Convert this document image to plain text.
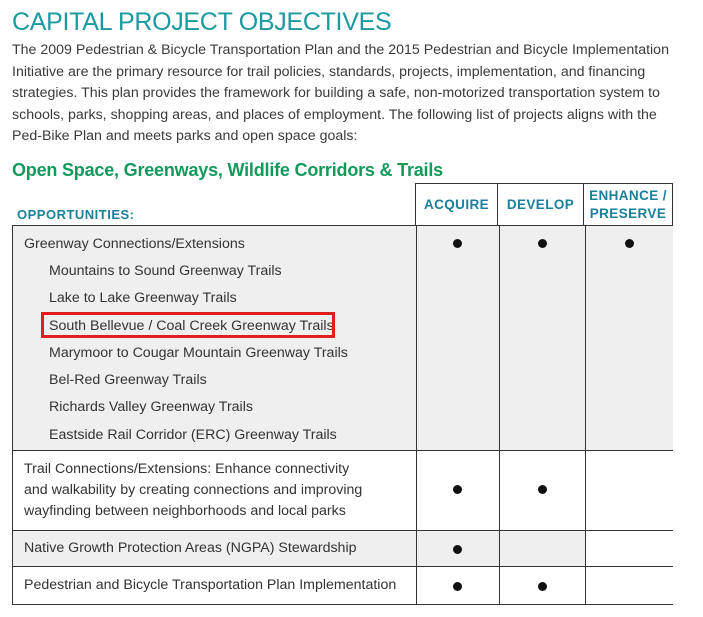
CAPITAL PROJECT OBJECTIVES
The 2009 Pedestrian & Bicycle Transportation Plan and the 2015 Pedestrian and Bicycle Implementation
Initiative are the primary resource for trail policies, standards, projects, implementation, and financing
strategies. This plan provides the framework for building a safe, non-motorized transportation system to
schools, parks, shopping areas, and places of employment. The following list of projects aligns with the
Ped-Bike Plan and meets parks and open space goals:
Open Space, Greenways, Wildlife Corridors & Trails
OPPORTUNITIES:
ACQUIRE	DEVELOP
ENHANCE /
PRESERVE
Greenway Connections/Extensions
Mountains to Sound Greenway Trails
Lake to Lake Greenway Trails
South Bellevue / Coal Creek Greenway Trails
Marymoor to Cougar Mountain Greenway Trails
Bel-Red Greenway Trails
Richards Valley Greenway Trails
Eastside Rail Corridor (ERC) Greenway Trails
Trail Connections/Extensions: Enhance connectivity
and walkability by creating connections and improving
wayfinding between neighborhoods and local parks
Native Growth Protection Areas (NGPA) Stewardship
Pedestrian and Bicycle Transportation Plan Implementation
